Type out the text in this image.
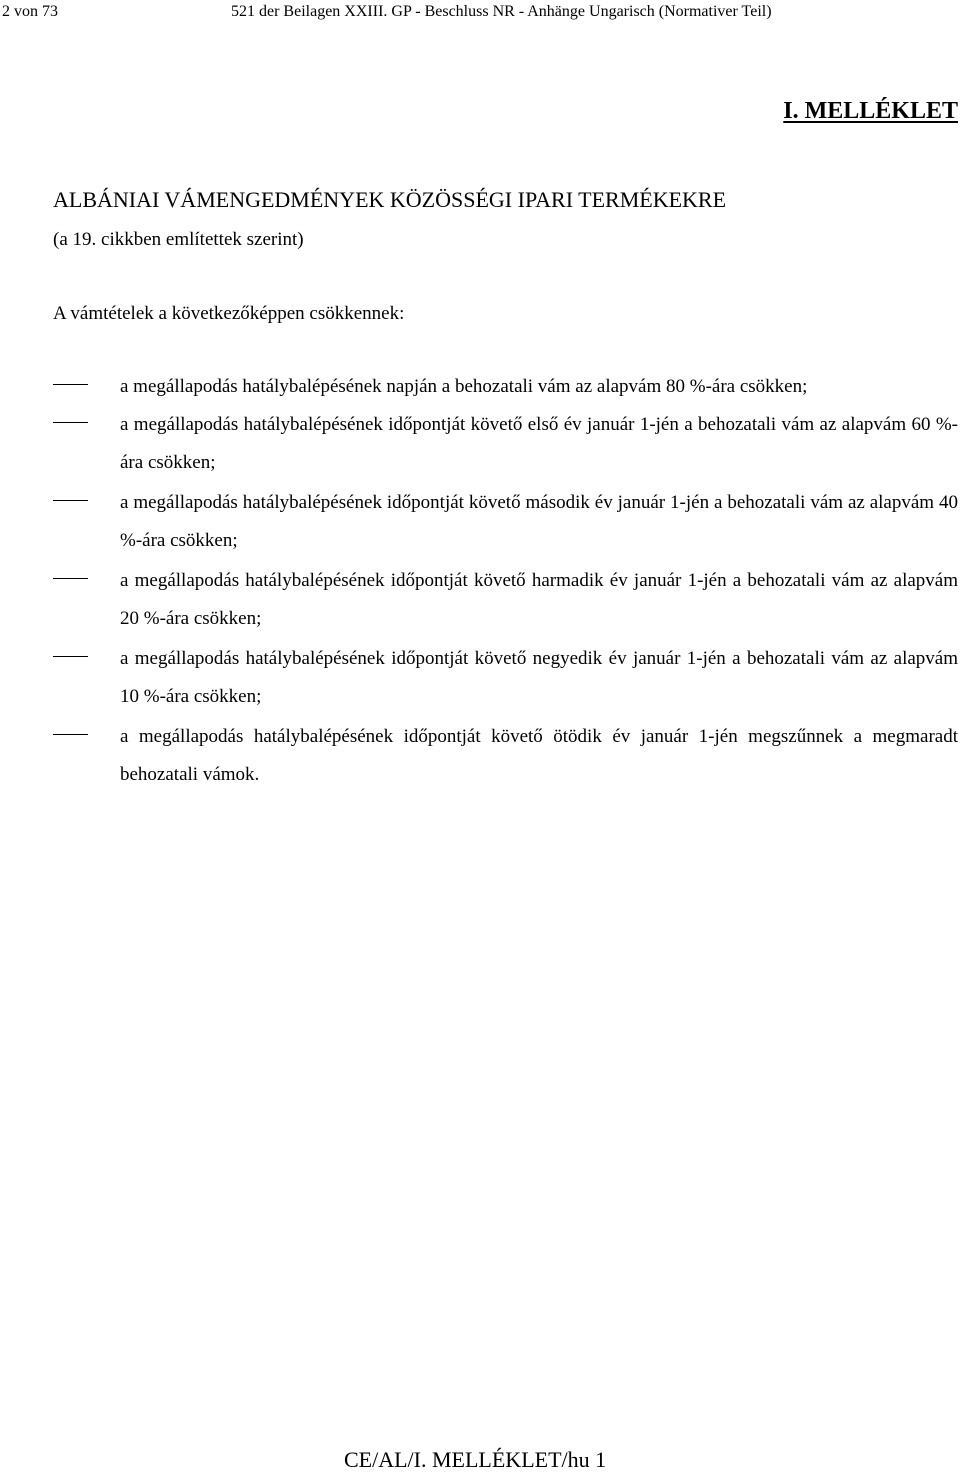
2 von 73	521 der Beilagen XXIII. GP - Beschluss NR - Anhänge Ungarisch (Normativer Teil)
I. MELLÉKLET
ALBÁNIAI VÁMENGEDMÉNYEK KÖZÖSSÉGI IPARI TERMÉKEKRE
(a 19. cikkben említettek szerint)
A vámtételek a következőképpen csökkennek:

a megállapodás hatálybalépésének napján a behozatali vám az alapvám 80 %-ára csökken;

a megállapodás hatálybalépésének időpontját követő első év január 1-jén a behozatali vám az alapvám 60 %-ára csökken;

a megállapodás hatálybalépésének időpontját követő második év január 1-jén a behozatali vám az alapvám 40 %-ára csökken;

a megállapodás hatálybalépésének időpontját követő harmadik év január 1-jén a behozatali vám az alapvám 20 %-ára csökken;

a megállapodás hatálybalépésének időpontját követő negyedik év január 1-jén a behozatali vám az alapvám 10 %-ára csökken;

a megállapodás hatálybalépésének időpontját követő ötödik év január 1-jén megszűnnek a megmaradt behozatali vámok.

CE/AL/I. MELLÉKLET/hu 1
